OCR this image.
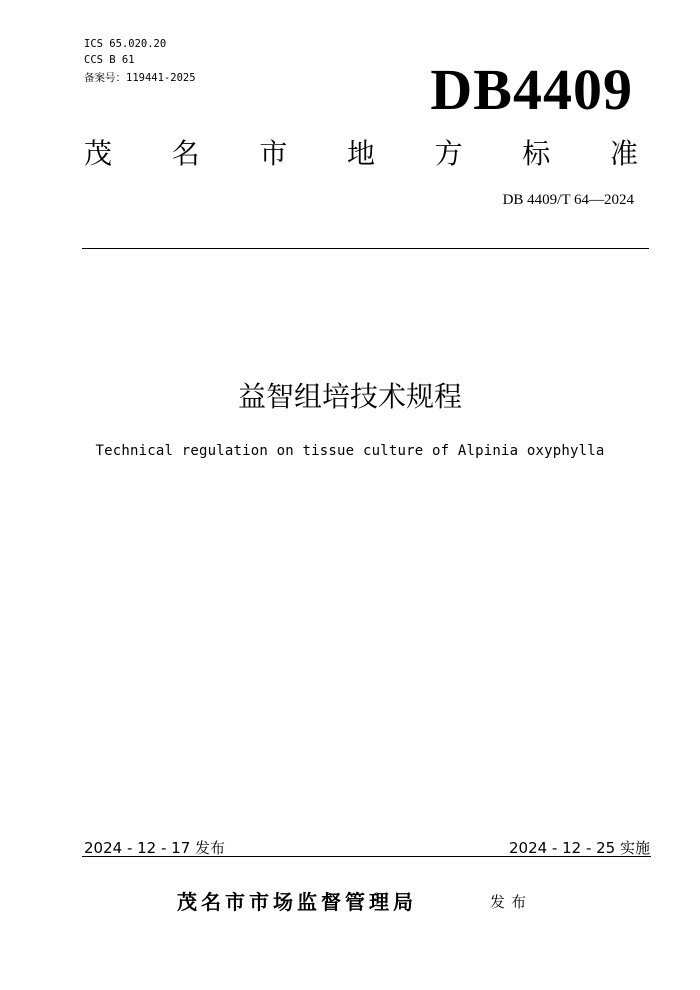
ICS 65.020.20
CCS B 61
备案号：119441-2025	DB4409
茂 名 市 地 方 标 准
DB 4409/T 64—2024
益智组培技术规程
Technical regulation on tissue culture of Alpinia oxyphylla
2024 - 12 - 17 发布	2024 - 12 - 25 实施
茂名市市场监督管理局	发布
